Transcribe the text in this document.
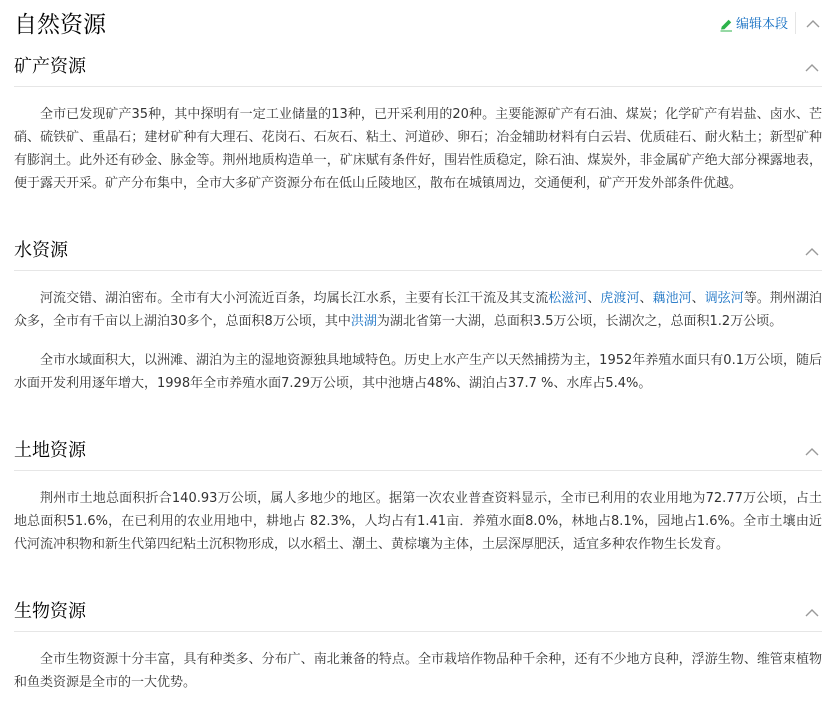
自然资源	编辑本段
矿产资源

全市已发现矿产35种，其中探明有一定工业储量的13种，已开采利用的20种。主要能源矿产有石油、煤炭；化学矿产有岩盐、卤水、芒硝、硫铁矿、重晶石；建材矿种有大理石、花岗石、石灰石、粘土、河道砂、卵石；冶金辅助材料有白云岩、优质硅石、耐火粘土；新型矿种有膨润土。此外还有砂金、脉金等。荆州地质构造单一，矿床赋有条件好，围岩性质稳定，除石油、煤炭外，非金属矿产绝大部分裸露地表，便于露天开采。矿产分布集中，全市大多矿产资源分布在低山丘陵地区，散布在城镇周边，交通便利，矿产开发外部条件优越。

水资源

河流交错、湖泊密布。全市有大小河流近百条，均属长江水系，主要有长江干流及其支流松滋河、虎渡河、藕池河、调弦河等。荆州湖泊众多，全市有千亩以上湖泊30多个，总面积8万公顷，其中洪湖为湖北省第一大湖，总面积3.5万公顷，长湖次之，总面积1.2万公顷。

全市水域面积大，以洲滩、湖泊为主的湿地资源独具地域特色。历史上水产生产以天然捕捞为主，1952年养殖水面只有0.1万公顷，随后水面开发利用逐年增大，1998年全市养殖水面7.29万公顷，其中池塘占48%、湖泊占37.7 %、水库占5.4%。

土地资源

荆州市土地总面积折合140.93万公顷，属人多地少的地区。据第一次农业普查资料显示，全市已利用的农业用地为72.77万公顷，占土地总面积51.6%，在已利用的农业用地中，耕地占 82.3%，人均占有1.41亩．养殖水面8.0%，林地占8.1%，园地占1.6%。全市土壤由近代河流冲积物和新生代第四纪粘土沉积物形成，以水稻土、潮土、黄棕壤为主体，土层深厚肥沃，适宜多种农作物生长发育。

生物资源

全市生物资源十分丰富，具有种类多、分布广、南北兼备的特点。全市栽培作物品种千余种，还有不少地方良种，浮游生物、维管束植物和鱼类资源是全市的一大优势。
